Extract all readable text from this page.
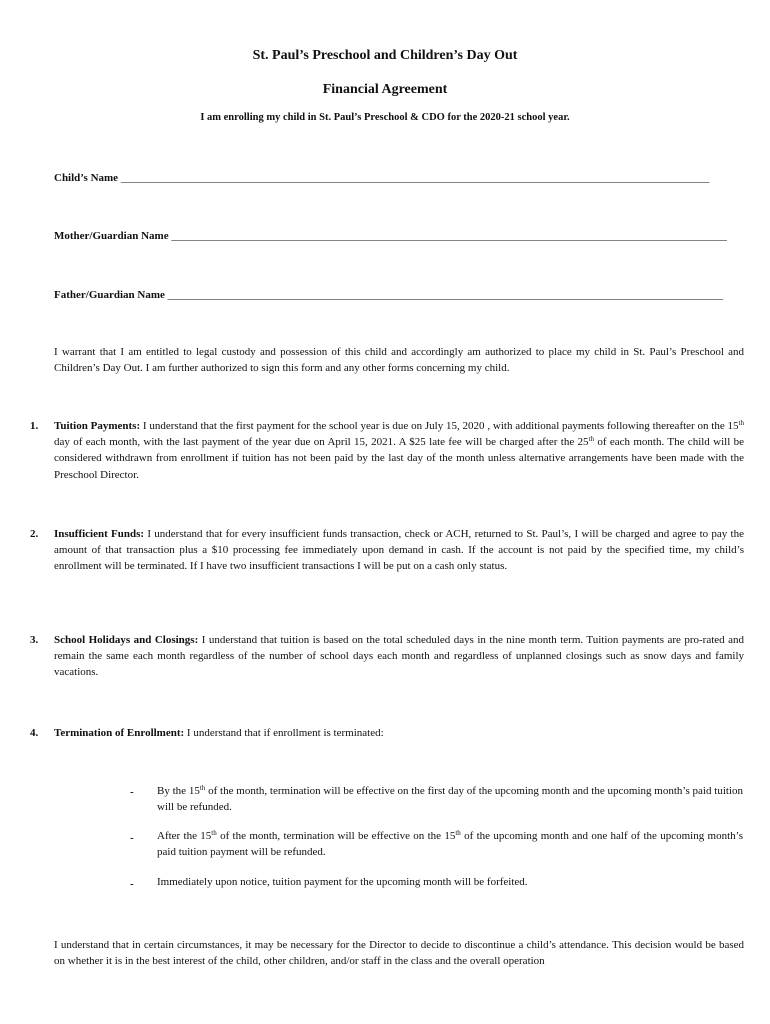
St. Paul’s Preschool and Children’s Day Out
Financial Agreement
I am enrolling my child in St. Paul’s Preschool & CDO for the 2020-21 school year.
Child’s Name ___________________________________________________________________________________________________________
Mother/Guardian Name _____________________________________________________________________________________________________
Father/Guardian Name _____________________________________________________________________________________________________
I warrant that I am entitled to legal custody and possession of this child and accordingly am authorized to place my child in St. Paul’s Preschool and Children’s Day Out. I am further authorized to sign this form and any other forms concerning my child.
1. Tuition Payments: I understand that the first payment for the school year is due on July 15, 2020 , with additional payments following thereafter on the 15th day of each month, with the last payment of the year due on April 15, 2021. A $25 late fee will be charged after the 25th of each month. The child will be considered withdrawn from enrollment if tuition has not been paid by the last day of the month unless alternative arrangements have been made with the Preschool Director.
2. Insufficient Funds: I understand that for every insufficient funds transaction, check or ACH, returned to St. Paul’s, I will be charged and agree to pay the amount of that transaction plus a $10 processing fee immediately upon demand in cash. If the account is not paid by the specified time, my child’s enrollment will be terminated. If I have two insufficient transactions I will be put on a cash only status.
3. School Holidays and Closings: I understand that tuition is based on the total scheduled days in the nine month term. Tuition payments are pro-rated and remain the same each month regardless of the number of school days each month and regardless of unplanned closings such as snow days and family vacations.
4. Termination of Enrollment: I understand that if enrollment is terminated:
- By the 15th of the month, termination will be effective on the first day of the upcoming month and the upcoming month’s paid tuition will be refunded.
- After the 15th of the month, termination will be effective on the 15th of the upcoming month and one half of the upcoming month’s paid tuition payment will be refunded.
- Immediately upon notice, tuition payment for the upcoming month will be forfeited.
I understand that in certain circumstances, it may be necessary for the Director to decide to discontinue a child’s attendance. This decision would be based on whether it is in the best interest of the child, other children, and/or staff in the class and the overall operation
